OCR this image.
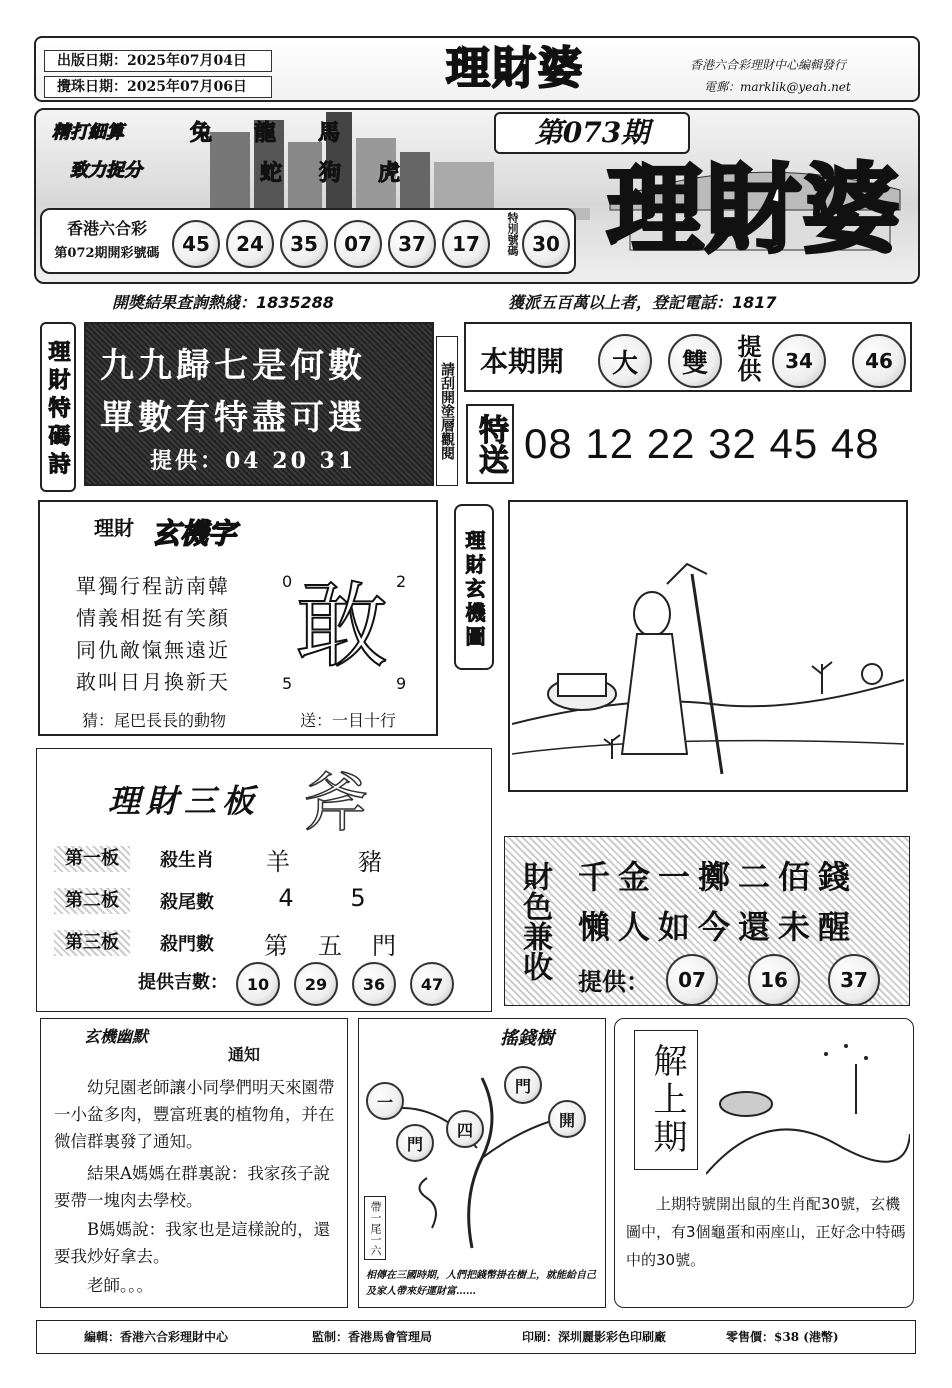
出版日期：2025年07月04日
攪珠日期：2025年07月06日	理財婆	香港六合彩理財中心編輯發行
電郵：marklik@yeah.net
精打細算	兔 龍 馬
致力捉分	蛇 狗 虎
第073期
理財婆
香港六合彩
第072期開彩號碼	45	24	35	07	37	17	特別號碼 30
開獎結果查詢熱綫：1835288	獲派五百萬以上者，登記電話：1817
理財特碼詩 九九歸七是何數
單數有特盡可選
提供：04 20 31
請刮開塗層觀閱
本期開	大	雙	提供	34	46
特送 08 12 22 32 45 48
理財 玄機字
單獨行程訪南韓
情義相挺有笑顏
同仇敵愾無遠近
敢叫日月換新天
敢
0	2
5	9
猜：尾巴長長的動物	送：一目十行
理財玄機圖
理財三板 斧
第一板	殺生肖	羊	豬
第二板	殺尾數	4	5
第三板	殺門數	第	五	門
提供吉數：	10	29	36	47
財色兼收 千金一擲二佰錢
懶人如今還未醒
提供：	07	16	37
玄機幽默
通知
幼兒園老師讓小同學們明天來園帶一小盆多肉，豐富班裏的植物角，并在微信群裏發了通知。
結果A媽媽在群裏說：我家孩子說要帶一塊肉去學校。
B媽媽說：我家也是這樣說的，還要我炒好拿去。
老師。。。
搖錢樹
一
門
開
門
四
帶一尾一六
相傳在三國時期，人們把錢幣掛在樹上，就能給自己及家人帶來好運財富……
解上期
上期特號開出鼠的生肖配30號，玄機圖中，有3個龜蛋和兩座山，正好念中特碼中的30號。
編輯：香港六合彩理財中心	監制：香港馬會管理局	印刷：深圳麗影彩色印刷廠	零售價：$38 (港幣)
